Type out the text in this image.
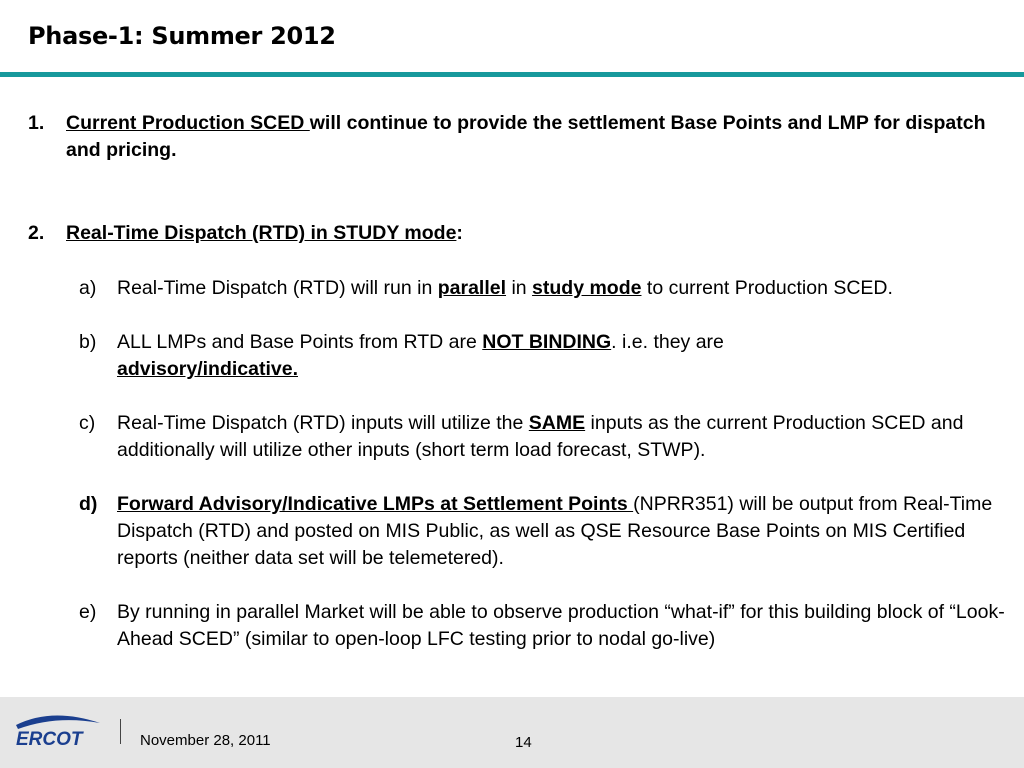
Phase-1: Summer 2012
1. Current Production SCED will continue to provide the settlement Base Points and LMP for dispatch and pricing.
2. Real-Time Dispatch (RTD) in STUDY mode:
a) Real-Time Dispatch (RTD) will run in parallel in study mode to current Production SCED.
b) ALL LMPs and Base Points from RTD are NOT BINDING. i.e. they are
advisory/indicative.
c) Real-Time Dispatch (RTD) inputs will utilize the SAME inputs as the current Production SCED and additionally will utilize other inputs (short term load forecast, STWP).
d) Forward Advisory/Indicative LMPs at Settlement Points (NPRR351) will be output from Real-Time Dispatch (RTD) and posted on MIS Public, as well as QSE Resource Base Points on MIS Certified reports (neither data set will be telemetered).
e) By running in parallel Market will be able to observe production “what-if” for this building block of “Look-Ahead SCED” (similar to open-loop LFC testing prior to nodal go-live)
ERCOT	November 28, 2011	14
